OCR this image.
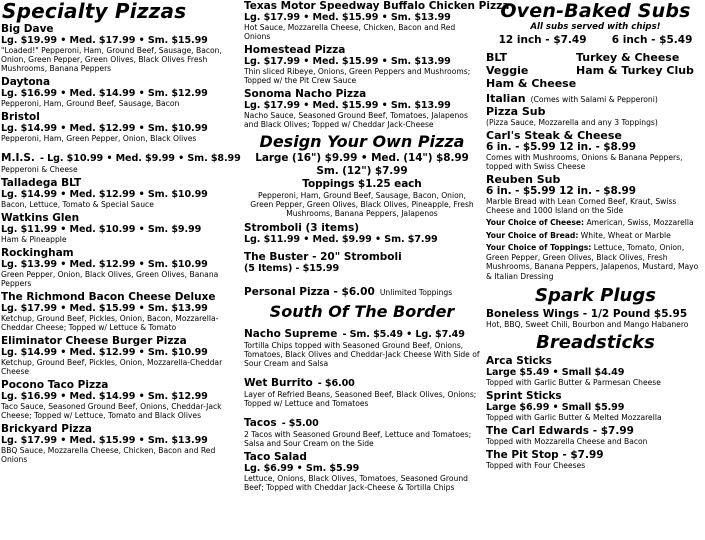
Specialty Pizzas
Big Dave
Lg. $19.99 • Med. $17.99 • Sm. $15.99
"Loaded!" Pepperoni, Ham, Ground Beef, Sausage, Bacon, Onion, Green Pepper, Green Olives, Black Olives Fresh Mushrooms, Banana Peppers
Daytona
Lg. $16.99 • Med. $14.99 • Sm. $12.99
Pepperoni, Ham, Ground Beef, Sausage, Bacon
Bristol
Lg. $14.99 • Med. $12.99 • Sm. $10.99
Pepperoni, Ham, Green Pepper, Onion, Black Olives
M.I.S. - Lg. $10.99 • Med. $9.99 • Sm. $8.99
Pepperoni & Cheese
Talladega BLT
Lg. $14.99 • Med. $12.99 • Sm. $10.99
Bacon, Lettuce, Tomato & Special Sauce
Watkins Glen
Lg. $11.99 • Med. $10.99 • Sm. $9.99
Ham & Pineapple
Rockingham
Lg. $13.99 • Med. $12.99 • Sm. $10.99
Green Pepper, Onion, Black Olives, Green Olives, Banana Peppers
The Richmond Bacon Cheese Deluxe
Lg. $17.99 • Med. $15.99 • Sm. $13.99
Ketchup, Ground Beef, Pickles, Onion, Bacon, Mozzarella-Cheddar Cheese; Topped w/ Lettuce & Tomato
Eliminator Cheese Burger Pizza
Lg. $14.99 • Med. $12.99 • Sm. $10.99
Ketchup, Ground Beef, Pickles, Onion, Mozzarella-Cheddar Cheese
Pocono Taco Pizza
Lg. $16.99 • Med. $14.99 • Sm. $12.99
Taco Sauce, Seasoned Ground Beef, Onions, Cheddar-Jack Cheese; Topped w/ Lettuce, Tomato and Black Olives
Brickyard Pizza
Lg. $17.99 • Med. $15.99 • Sm. $13.99
BBQ Sauce, Mozzarella Cheese, Chicken, Bacon and Red Onions
Texas Motor Speedway Buffalo Chicken Pizza
Lg. $17.99 • Med. $15.99 • Sm. $13.99
Hot Sauce, Mozzarella Cheese, Chicken, Bacon and Red Onions
Homestead Pizza
Lg. $17.99 • Med. $15.99 • Sm. $13.99
Thin sliced Ribeye, Onions, Green Peppers and Mushrooms; Topped w/ the Pit Crew Sauce
Sonoma Nacho Pizza
Lg. $17.99 • Med. $15.99 • Sm. $13.99
Nacho Sauce, Seasoned Ground Beef, Tomatoes, Jalapenos and Black Olives; Topped w/ Cheddar Jack-Cheese
Design Your Own Pizza
Large (16") $9.99 • Med. (14") $8.99
Sm. (12") $7.99
Toppings $1.25 each
Pepperoni, Ham, Ground Beef, Sausage, Bacon, Onion, Green Pepper, Green Olives, Black Olives, Pineapple, Fresh Mushrooms, Banana Peppers, Jalapenos
Stromboli (3 items)
Lg. $11.99 • Med. $9.99 • Sm. $7.99
The Buster - 20" Stromboli
(5 Items) - $15.99
Personal Pizza - $6.00 Unlimited Toppings
South Of The Border
Nacho Supreme - Sm. $5.49 • Lg. $7.49
Tortilla Chips topped with Seasoned Ground Beef, Onions, Tomatoes, Black Olives and Cheddar-Jack Cheese With Side of Sour Cream and Salsa
Wet Burrito - $6.00
Layer of Refried Beans, Seasoned Beef, Black Olives, Onions; Topped w/ Lettuce and Tomatoes
Tacos - $5.00
2 Tacos with Seasoned Ground Beef, Lettuce and Tomatoes; Salsa and Sour Cream on the Side
Taco Salad
Lg. $6.99 • Sm. $5.99
Lettuce, Onions, Black Olives, Tomatoes, Seasoned Ground Beef; Topped with Cheddar Jack-Cheese & Tortilla Chips
Oven-Baked Subs
All subs served with chips!
12 inch - $7.49 6 inch - $5.49
BLT	Turkey & Cheese
Veggie	Ham & Turkey Club
Ham & Cheese
Italian (Comes with Salami & Pepperoni)
Pizza Sub
(Pizza Sauce, Mozzarella and any 3 Toppings)
Carl's Steak & Cheese
6 in. - $5.99 12 in. - $8.99
Comes with Mushrooms, Onions & Banana Peppers, topped with Swiss Cheese
Reuben Sub
6 in. - $5.99 12 in. - $8.99
Marble Bread with Lean Corned Beef, Kraut, Swiss Cheese and 1000 Island on the Side
Your Choice of Cheese: American, Swiss, Mozzarella
Your Choice of Bread: White, Wheat or Marble
Your Choice of Toppings: Lettuce, Tomato, Onion, Green Pepper, Green Olives, Black Olives, Fresh Mushrooms, Banana Peppers, Jalapenos, Mustard, Mayo & Italian Dressing
Spark Plugs
Boneless Wings - 1/2 Pound $5.95
Hot, BBQ, Sweet Chili, Bourbon and Mango Habanero
Breadsticks
Arca Sticks
Large $5.49 • Small $4.49
Topped with Garlic Butter & Parmesan Cheese
Sprint Sticks
Large $6.99 • Small $5.99
Topped with Garlic Butter & Melted Mozzarella
The Carl Edwards - $7.99
Topped with Mozzarella Cheese and Bacon
The Pit Stop - $7.99
Topped with Four Cheeses
